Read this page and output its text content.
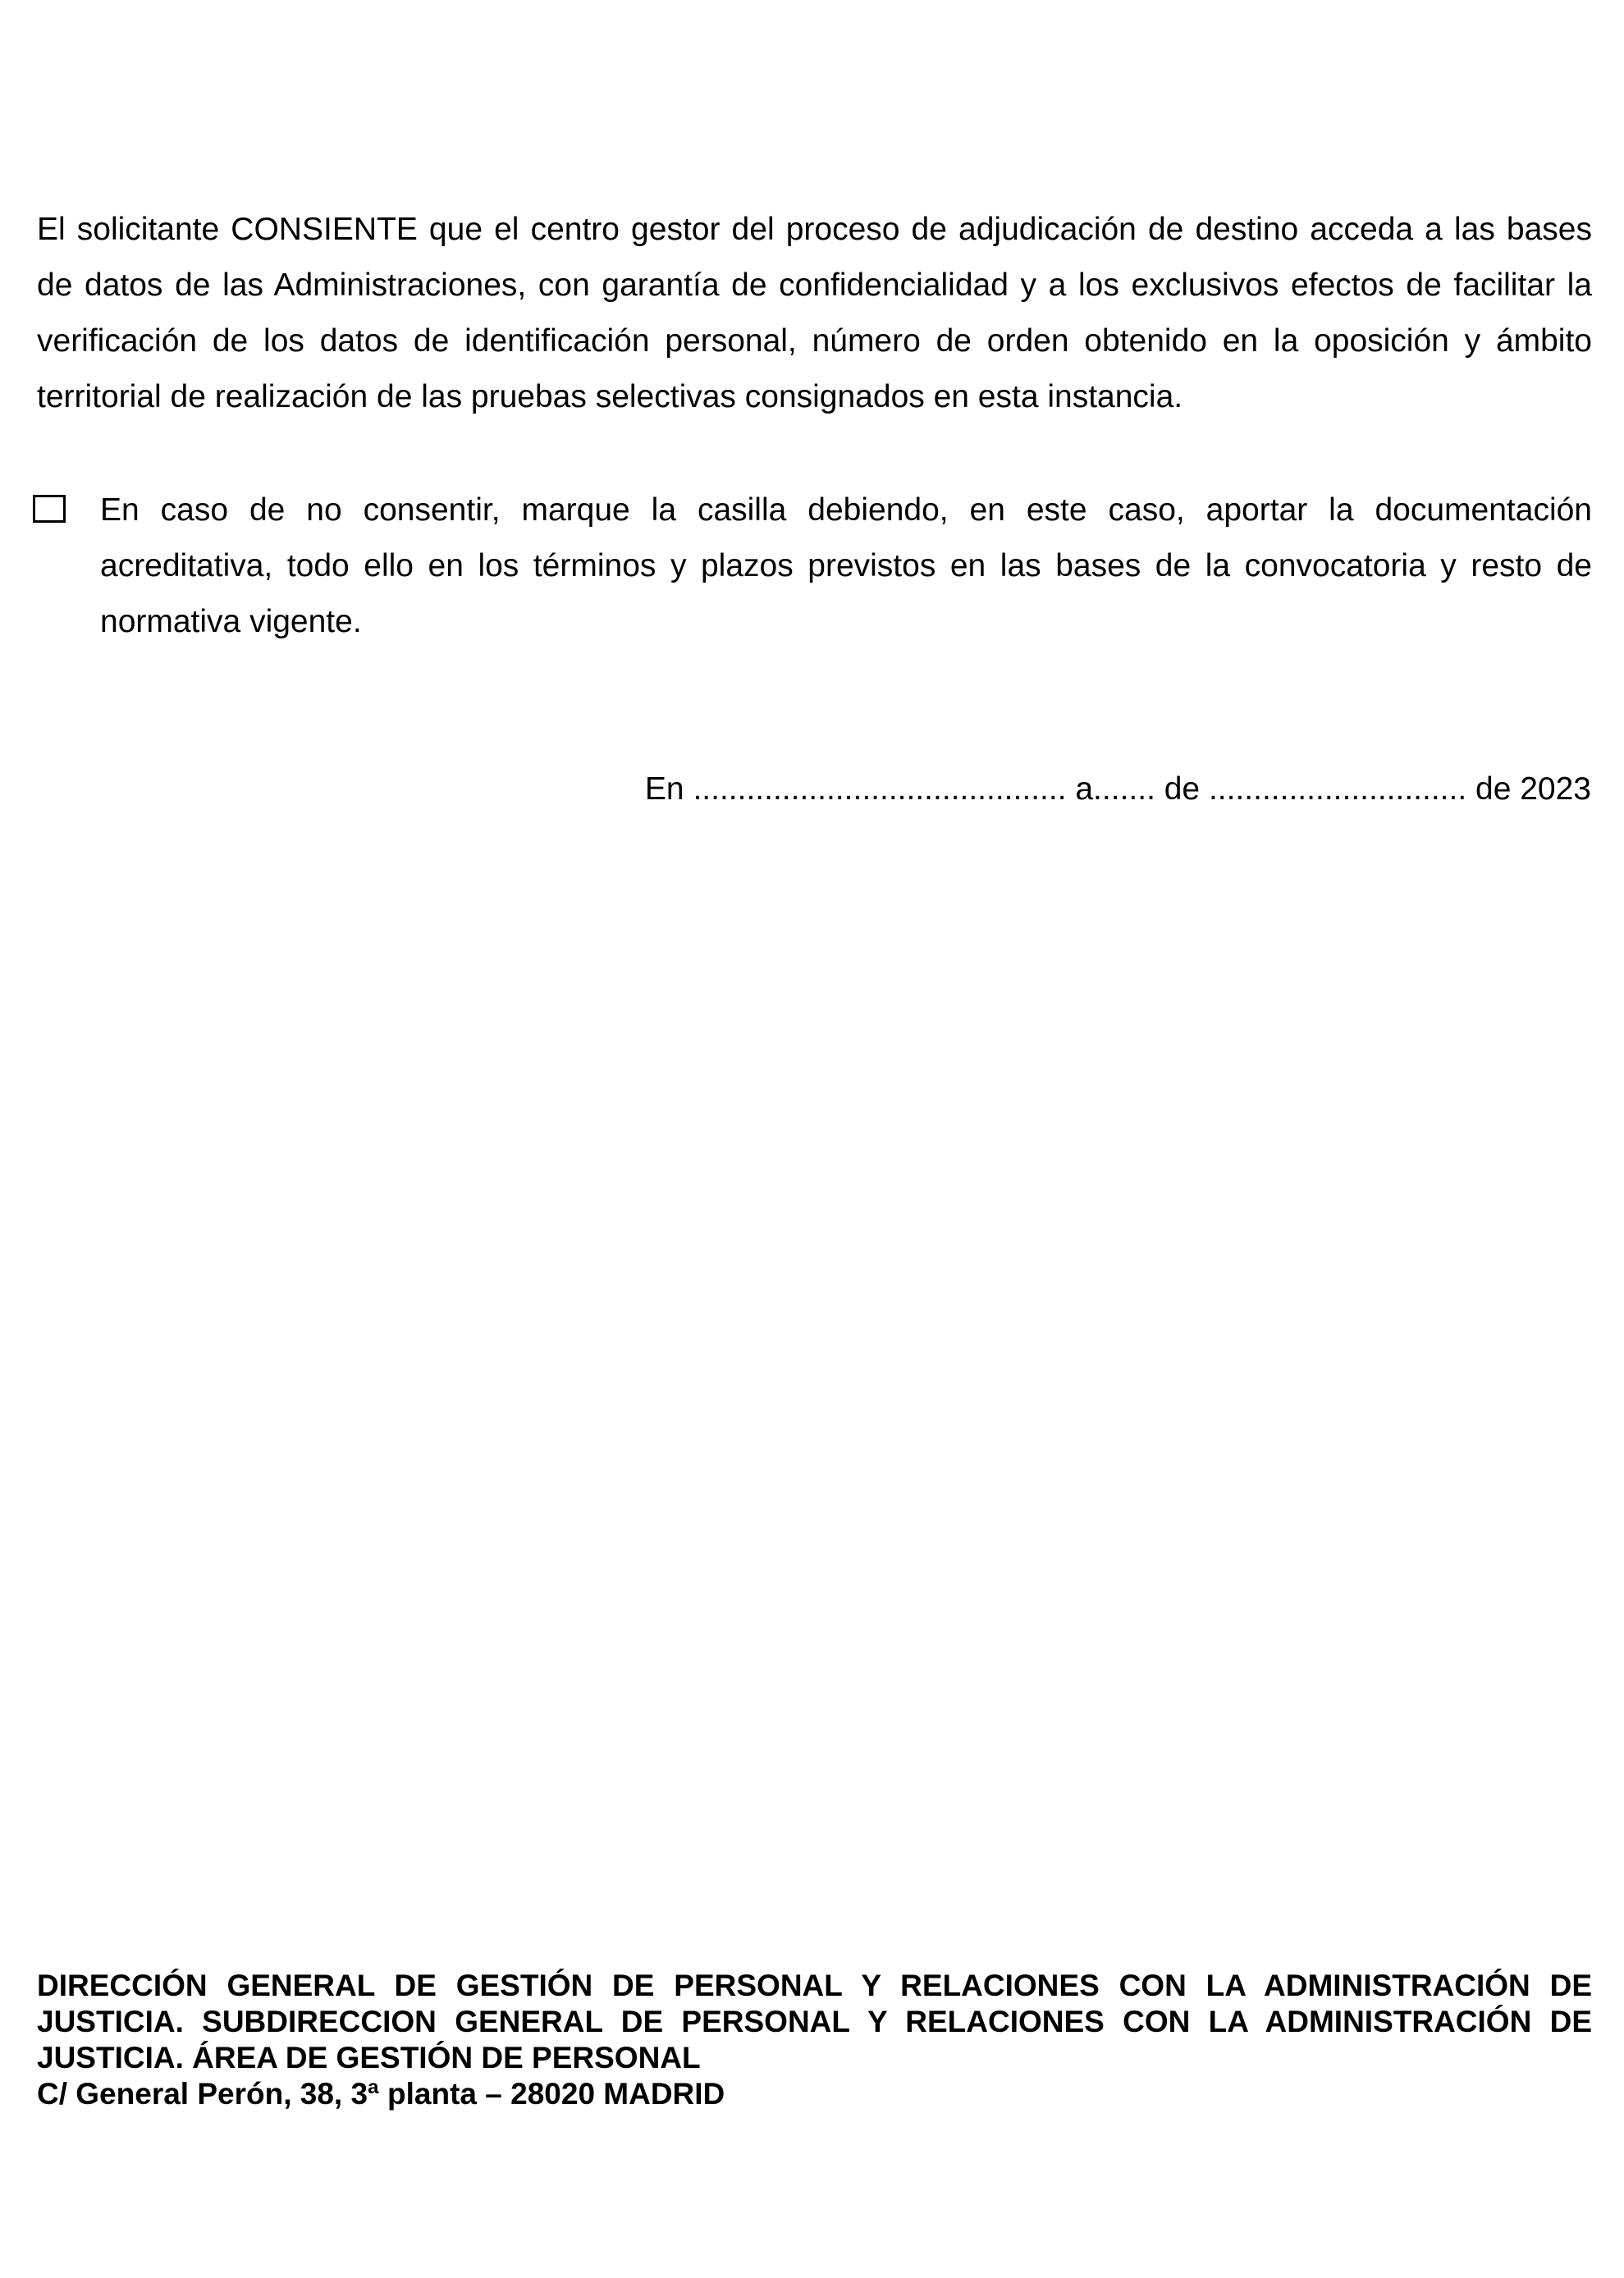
El solicitante CONSIENTE que el centro gestor del proceso de adjudicación de destino acceda a las bases de datos de las Administraciones, con garantía de confidencialidad y a los exclusivos efectos de facilitar la verificación de los datos de identificación personal, número de orden obtenido en la oposición y ámbito territorial de realización de las pruebas selectivas consignados en esta instancia.

En caso de no consentir, marque la casilla debiendo, en este caso, aportar la documentación acreditativa, todo ello en los términos y plazos previstos en las bases de la convocatoria y resto de normativa vigente.

En .......................................... a....... de ............................. de 2023

DIRECCIÓN GENERAL DE GESTIÓN DE PERSONAL Y RELACIONES CON LA ADMINISTRACIÓN DE JUSTICIA. SUBDIRECCION GENERAL DE PERSONAL Y RELACIONES CON LA ADMINISTRACIÓN DE JUSTICIA. ÁREA DE GESTIÓN DE PERSONAL

C/ General Perón, 38, 3ª planta – 28020 MADRID
